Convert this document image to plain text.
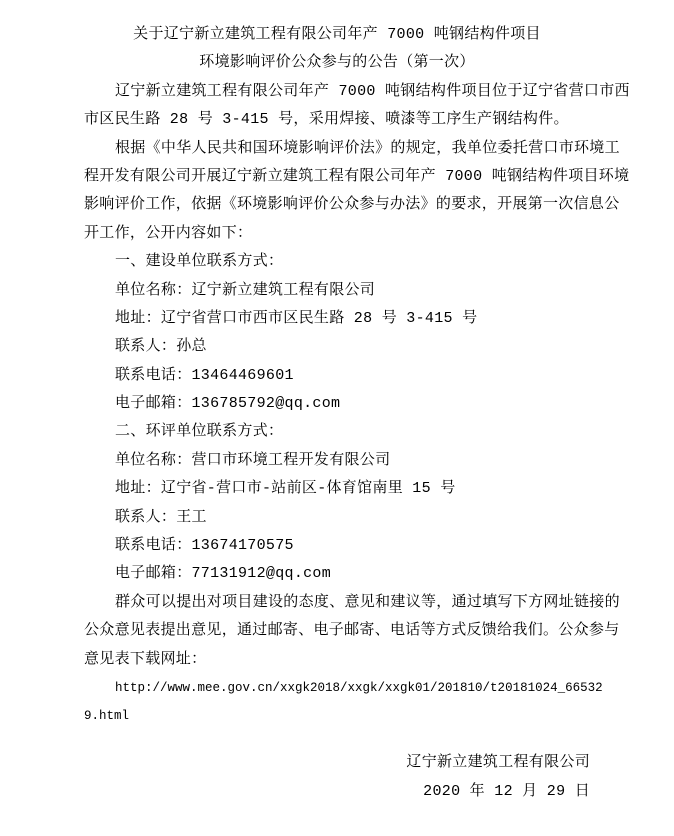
关于辽宁新立建筑工程有限公司年产 7000 吨钢结构件项目
环境影响评价公众参与的公告（第一次）
辽宁新立建筑工程有限公司年产 7000 吨钢结构件项目位于辽宁省营口市西
市区民生路 28 号 3-415 号，采用焊接、喷漆等工序生产钢结构件。
根据《中华人民共和国环境影响评价法》的规定，我单位委托营口市环境工
程开发有限公司开展辽宁新立建筑工程有限公司年产 7000 吨钢结构件项目环境
影响评价工作，依据《环境影响评价公众参与办法》的要求，开展第一次信息公
开工作，公开内容如下：
一、建设单位联系方式：
单位名称：辽宁新立建筑工程有限公司
地址：辽宁省营口市西市区民生路 28 号 3-415 号
联系人：孙总
联系电话：13464469601
电子邮箱：136785792@qq.com
二、环评单位联系方式：
单位名称：营口市环境工程开发有限公司
地址：辽宁省-营口市-站前区-体育馆南里 15 号
联系人：王工
联系电话：13674170575
电子邮箱：77131912@qq.com
群众可以提出对项目建设的态度、意见和建议等，通过填写下方网址链接的
公众意见表提出意见，通过邮寄、电子邮寄、电话等方式反馈给我们。公众参与
意见表下载网址：
http://www.mee.gov.cn/xxgk2018/xxgk/xxgk01/201810/t20181024_66532
9.html
辽宁新立建筑工程有限公司
2020 年 12 月 29 日
